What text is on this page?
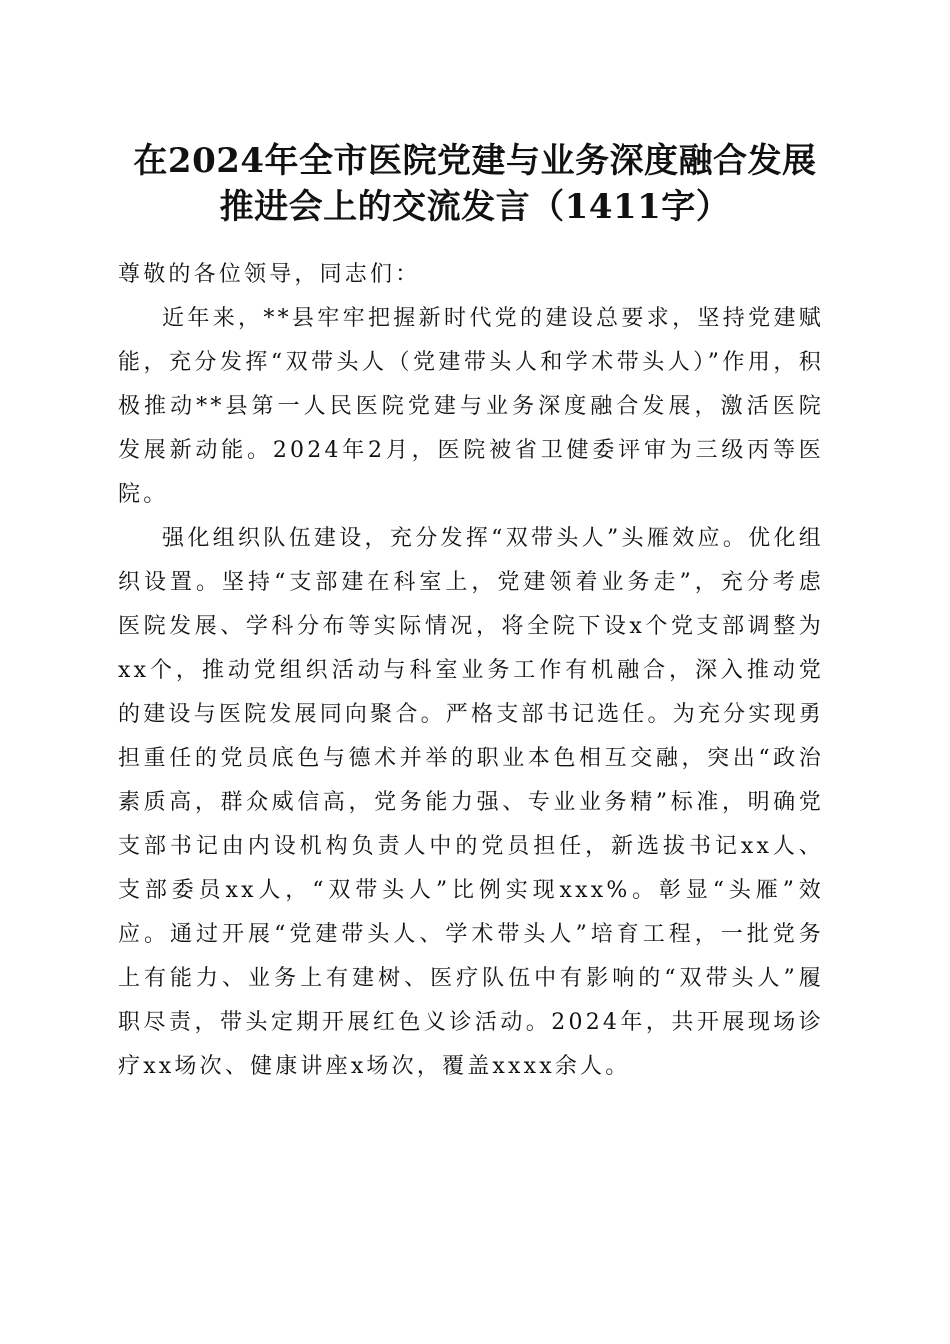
在2024年全市医院党建与业务深度融合发展
推进会上的交流发言（1411字）

尊敬的各位领导，同志们：

近年来，**县牢牢把握新时代党的建设总要求，坚持党建赋能，充分发挥“双带头人（党建带头人和学术带头人）”作用，积极推动**县第一人民医院党建与业务深度融合发展，激活医院发展新动能。2024年2月，医院被省卫健委评审为三级丙等医院。

强化组织队伍建设，充分发挥“双带头人”头雁效应。优化组织设置。坚持“支部建在科室上，党建领着业务走”，充分考虑医院发展、学科分布等实际情况，将全院下设x个党支部调整为xx个，推动党组织活动与科室业务工作有机融合，深入推动党的建设与医院发展同向聚合。严格支部书记选任。为充分实现勇担重任的党员底色与德术并举的职业本色相互交融，突出“政治素质高，群众威信高，党务能力强、专业业务精”标准，明确党支部书记由内设机构负责人中的党员担任，新选拔书记xx人、支部委员xx人，“双带头人”比例实现xxx%。彰显“头雁”效应。通过开展“党建带头人、学术带头人”培育工程，一批党务上有能力、业务上有建树、医疗队伍中有影响的“双带头人”履职尽责，带头定期开展红色义诊活动。2024年，共开展现场诊疗xx场次、健康讲座x场次，覆盖xxxx余人。
